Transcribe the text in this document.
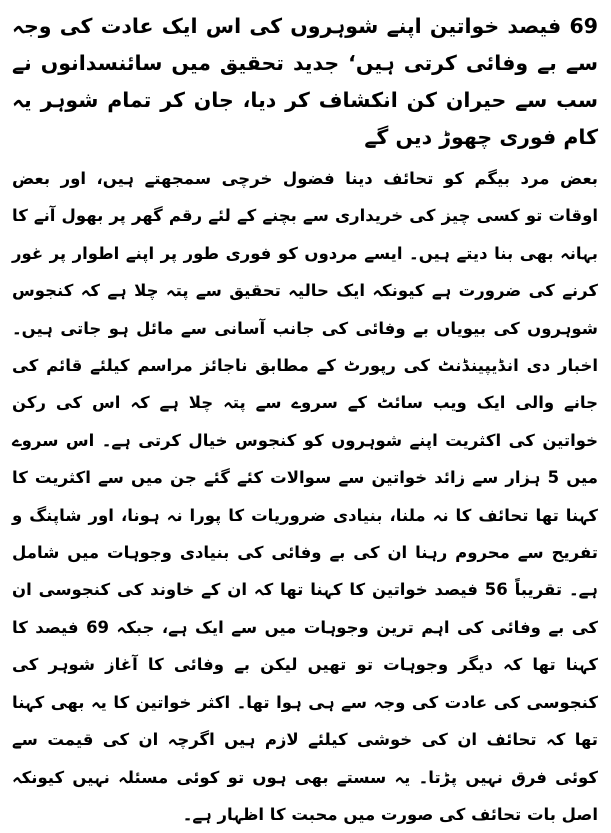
69 فیصد خواتین اپنے شوہروں کی اس ایک عادت کی وجہ سے بے وفائی کرتی ہیں‘ جدید تحقیق میں سائنسدانوں نے سب سے حیران کن انکشاف کر دیا، جان کر تمام شوہر یہ کام فوری چھوڑ دیں گے

بعض مرد بیگم کو تحائف دینا فضول خرچی سمجھتے ہیں، اور بعض اوقات تو کسی چیز کی خریداری سے بچنے کے لئے رقم گھر پر بھول آنے کا بہانہ بھی بنا دیتے ہیں۔ ایسے مردوں کو فوری طور پر اپنے اطوار پر غور کرنے کی ضرورت ہے کیونکہ ایک حالیہ تحقیق سے پتہ چلا ہے کہ کنجوس شوہروں کی بیویاں بے وفائی کی جانب آسانی سے مائل ہو جاتی ہیں۔ اخبار دی انڈیپینڈنٹ کی رپورٹ کے مطابق ناجائز مراسم کیلئے قائم کی جانے والی ایک ویب سائٹ کے سروے سے پتہ چلا ہے کہ اس کی رکن خواتین کی اکثریت اپنے شوہروں کو کنجوس خیال کرتی ہے۔ اس سروے میں 5 ہزار سے زائد خواتین سے سوالات کئے گئے جن میں سے اکثریت کا کہنا تھا تحائف کا نہ ملنا، بنیادی ضروریات کا پورا نہ ہونا، اور شاپنگ و تفریح سے محروم رہنا ان کی بے وفائی کی بنیادی وجوہات میں شامل ہے۔ تقریباً 56 فیصد خواتین کا کہنا تھا کہ ان کے خاوند کی کنجوسی ان کی بے وفائی کی اہم ترین وجوہات میں سے ایک ہے، جبکہ 69 فیصد کا کہنا تھا کہ دیگر وجوہات تو تھیں لیکن بے وفائی کا آغاز شوہر کی کنجوسی کی عادت کی وجہ سے ہی ہوا تھا۔ اکثر خواتین کا یہ بھی کہنا تھا کہ تحائف ان کی خوشی کیلئے لازم ہیں اگرچہ ان کی قیمت سے کوئی فرق نہیں پڑتا۔ یہ سستے بھی ہوں تو کوئی مسئلہ نہیں کیونکہ اصل بات تحائف کی صورت میں محبت کا اظہار ہے۔
